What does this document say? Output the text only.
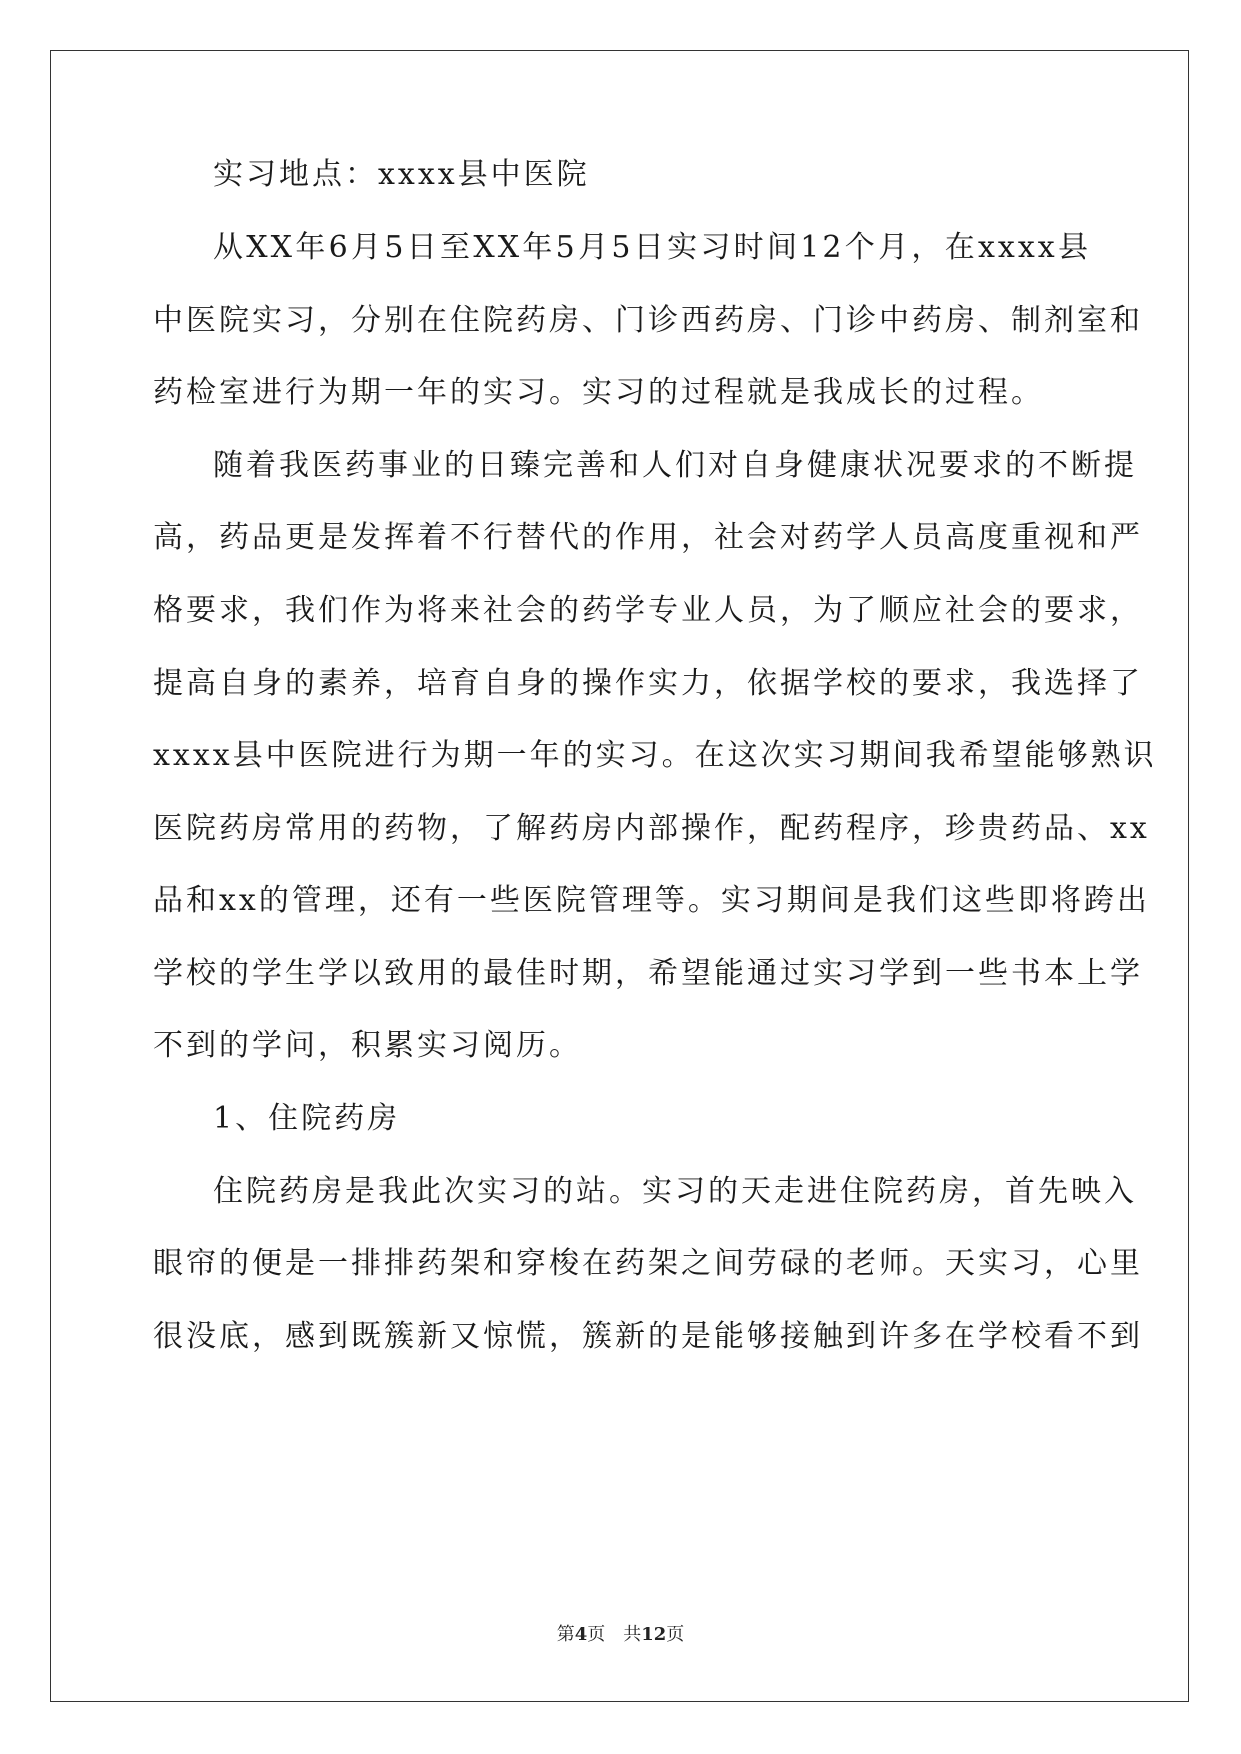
实习地点：xxxx县中医院
从XX年6月5日至XX年5月5日实习时间12个月，在xxxx县
中医院实习，分别在住院药房、门诊西药房、门诊中药房、制剂室和
药检室进行为期一年的实习。实习的过程就是我成长的过程。
随着我医药事业的日臻完善和人们对自身健康状况要求的不断提
高，药品更是发挥着不行替代的作用，社会对药学人员高度重视和严
格要求，我们作为将来社会的药学专业人员，为了顺应社会的要求，
提高自身的素养，培育自身的操作实力，依据学校的要求，我选择了
xxxx县中医院进行为期一年的实习。在这次实习期间我希望能够熟识
医院药房常用的药物，了解药房内部操作，配药程序，珍贵药品、xx
品和xx的管理，还有一些医院管理等。实习期间是我们这些即将跨出
学校的学生学以致用的最佳时期，希望能通过实习学到一些书本上学
不到的学问，积累实习阅历。
1、住院药房
住院药房是我此次实习的站。实习的天走进住院药房，首先映入
眼帘的便是一排排药架和穿梭在药架之间劳碌的老师。天实习，心里
很没底，感到既簇新又惊慌，簇新的是能够接触到许多在学校看不到
第4页　共12页
